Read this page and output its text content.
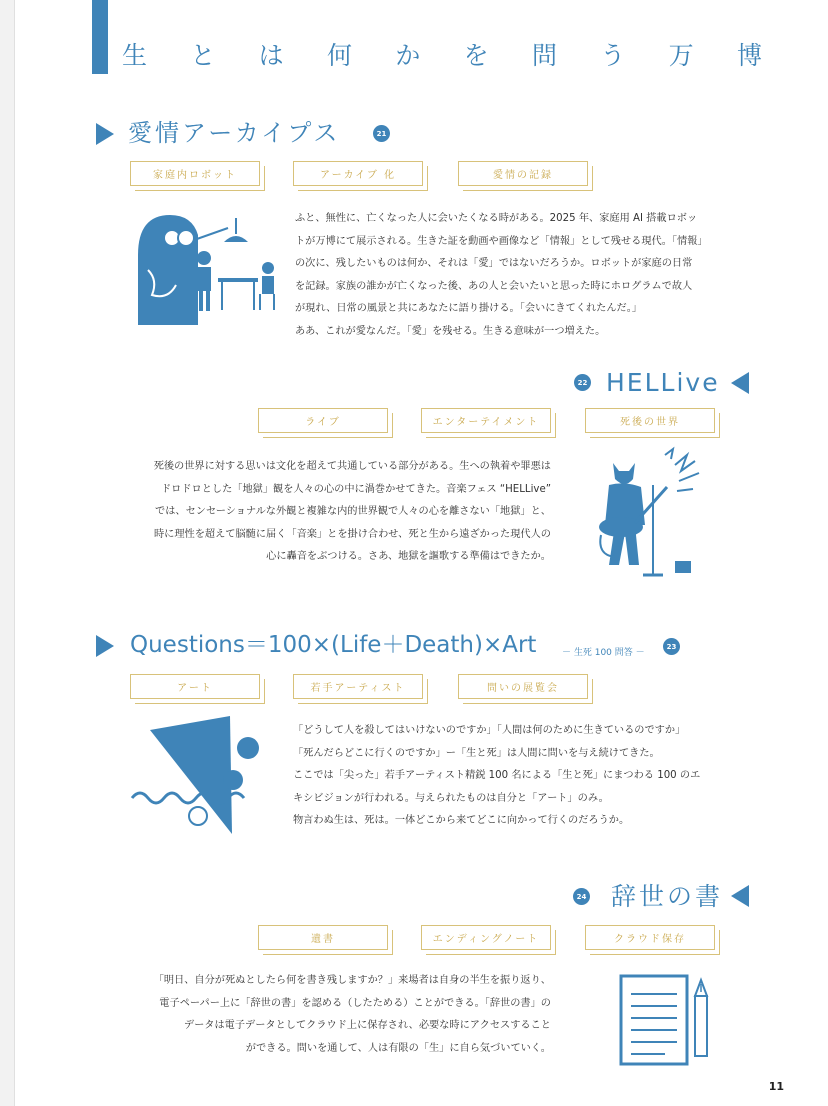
生 と は 何 か を 問 う 万 博
愛情アーカイプス	21
家庭内ロボット	アーカイブ 化	愛情の記録

ふと、無性に、亡くなった人に会いたくなる時がある。2025 年、家庭用 AI 搭載ロボッ

トが万博にて展示される。生きた証を動画や画像など「情報」として残せる現代。「情報」

の次に、残したいものは何か、それは「愛」ではないだろうか。ロボットが家庭の日常

を記録。家族の誰かが亡くなった後、あの人と会いたいと思った時にホログラムで故人

が現れ、日常の風景と共にあなたに語り掛ける。「会いにきてくれたんだ。」

ああ、これが愛なんだ。「愛」を残せる。生きる意味が一つ増えた。

22 HELLive
ライブ	エンターテイメント	死後の世界

死後の世界に対する思いは文化を超えて共通している部分がある。生への執着や罪悪は

ドロドロとした「地獄」観を人々の心の中に渦巻かせてきた。音楽フェス “HELLive”

では、センセーショナルな外観と複雑な内的世界観で人々の心を離さない「地獄」と、

時に理性を超えて脳髄に届く「音楽」とを掛け合わせ、死と生から遠ざかった現代人の

心に轟音をぶつける。さあ、地獄を謳歌する準備はできたか。

Questions＝100×(Life＋Death)×Art	－ 生死 100 問答 －
23
アート	若手アーティスト	問いの展覧会

「どうして人を殺してはいけないのですか」「人間は何のために生きているのですか」

「死んだらどこに行くのですか」ー「生と死」は人間に問いを与え続けてきた。

ここでは「尖った」若手アーティスト精鋭 100 名による「生と死」にまつわる 100 のエ

キシビジョンが行われる。与えられたものは自分と「アート」のみ。

物言わぬ生は、死は。一体どこから来てどこに向かって行くのだろうか。

24 辞世の書
遺書	エンディングノート	クラウド保存

「明日、自分が死ぬとしたら何を書き残しますか？」来場者は自身の半生を振り返り、

電子ペーパー上に「辞世の書」を認める（したためる）ことができる。「辞世の書」の

データは電子データとしてクラウド上に保存され、必要な時にアクセスすること

ができる。問いを通して、人は有限の「生」に自ら気づいていく。

11
